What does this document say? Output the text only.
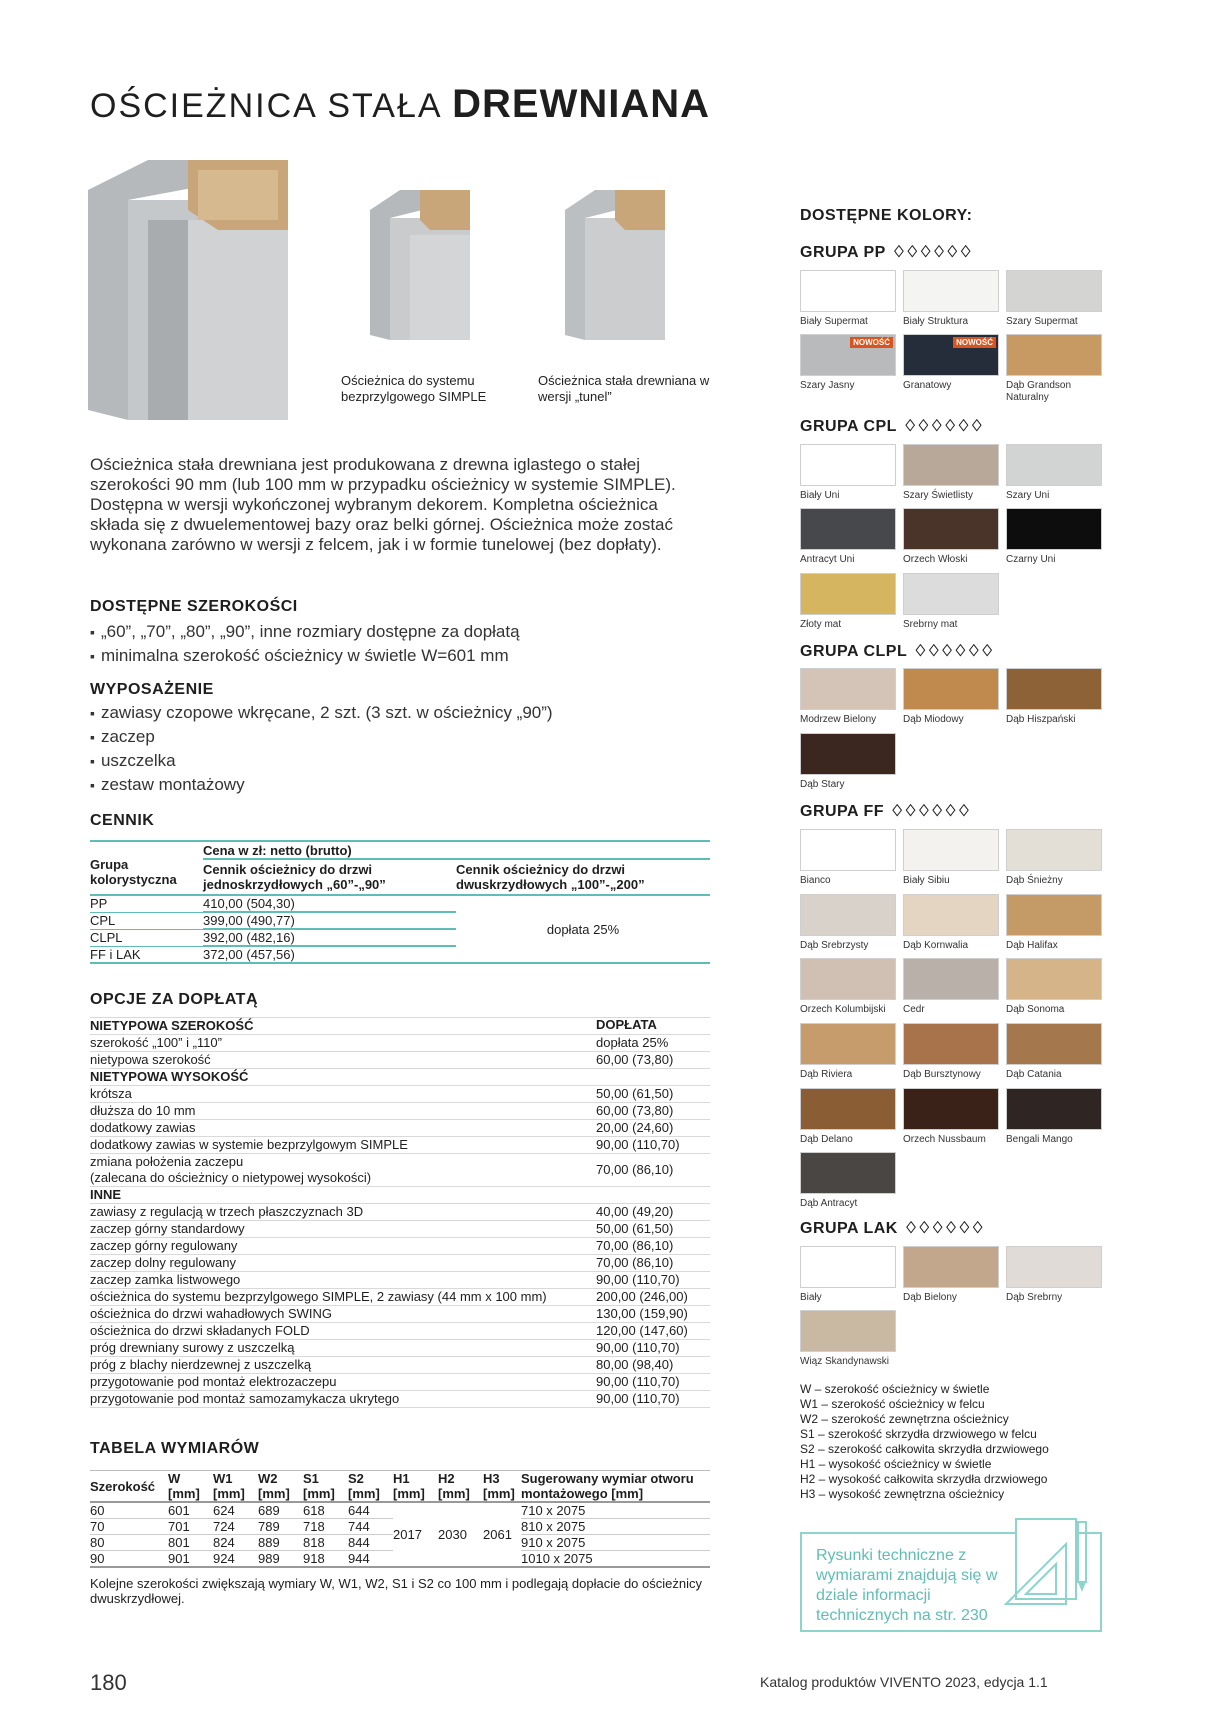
OŚCIEŻNICA STAŁA DREWNIANA
Ościeżnica do systemu bezprzylgowego SIMPLE
Ościeżnica stała drewniana w wersji „tunel”
Ościeżnica stała drewniana jest produkowana z drewna iglastego o stałej szerokości 90 mm (lub 100 mm w przypadku ościeżnicy w systemie SIMPLE). Dostępna w wersji wykończonej wybranym dekorem. Kompletna ościeżnica składa się z dwuelementowej bazy oraz belki górnej. Ościeżnica może zostać wykonana zarówno w wersji z felcem, jak i w formie tunelowej (bez dopłaty).
DOSTĘPNE SZEROKOŚCI
▪ „60”, „70”, „80”, „90”, inne rozmiary dostępne za dopłatą
▪ minimalna szerokość ościeżnicy w świetle W=601 mm
WYPOSAŻENIE
▪ zawiasy czopowe wkręcane, 2 szt. (3 szt. w ościeżnicy „90”)
▪ zaczep
▪ uszczelka
▪ zestaw montażowy
CENNIK
Grupa kolorystyczna	Cena w zł: netto (brutto)	
	Cennik ościeżnicy do drzwi jednoskrzydłowych „60”-„90”	Cennik ościeżnicy do drzwi dwuskrzydłowych „100”-„200”
PP	410,00 (504,30)	dopłata 25%
CPL	399,00 (490,77)	
CLPL	392,00 (482,16)	
FF i LAK	372,00 (457,56)	
OPCJE ZA DOPŁATĄ
DOPŁATA
NIETYPOWA SZEROKOŚĆ	
szerokość „100” i „110”	dopłata 25%
nietypowa szerokość	60,00 (73,80)
NIETYPOWA WYSOKOŚĆ	
krótsza	50,00 (61,50)
dłuższa do 10 mm	60,00 (73,80)
dodatkowy zawias	20,00 (24,60)
dodatkowy zawias w systemie bezprzylgowym SIMPLE	90,00 (110,70)

zmiana położenia zaczepu
(zalecana do ościeżnicy o nietypowej wysokości)	70,00 (86,10)
INNE	
zawiasy z regulacją w trzech płaszczyznach 3D	40,00 (49,20)
zaczep górny standardowy	50,00 (61,50)
zaczep górny regulowany	70,00 (86,10)
zaczep dolny regulowany	70,00 (86,10)
zaczep zamka listwowego	90,00 (110,70)
ościeżnica do systemu bezprzylgowego SIMPLE, 2 zawiasy (44 mm x 100 mm)	200,00 (246,00)
ościeżnica do drzwi wahadłowych SWING	130,00 (159,90)
ościeżnica do drzwi składanych FOLD	120,00 (147,60)
próg drewniany surowy z uszczelką	90,00 (110,70)
próg z blachy nierdzewnej z uszczelką	80,00 (98,40)
przygotowanie pod montaż elektrozaczepu	90,00 (110,70)
przygotowanie pod montaż samozamykacza ukrytego	90,00 (110,70)
TABELA WYMIARÓW
Szerokość	W [mm]	W1 [mm]	W2 [mm]	S1 [mm]	S2 [mm]	H1 [mm]	H2 [mm]	H3 [mm]	Sugerowany wymiar otworu montażowego [mm]
60	601	624	689	618	644	2017	2030	2061	710 x 2075
70	701	724	789	718	744				810 x 2075
80	801	824	889	818	844				910 x 2075
90	901	924	989	918	944				1010 x 2075
Kolejne szerokości zwiększają wymiary W, W1, W2, S1 i S2 co 100 mm i podlegają dopłacie do ościeżnicy dwuskrzydłowej.
DOSTĘPNE KOLORY:
GRUPA PP ♢♢♢♢♢♢
Biały Supermat	Biały Struktura	Szary Supermat
NOWOŚĆ
Szary Jasny
NOWOŚĆ
Granatowy	Dąb Grandson Naturalny
GRUPA CPL ♢♢♢♢♢♢
Biały Uni	Szary Świetlisty	Szary Uni
Antracyt Uni	Orzech Włoski	Czarny Uni
Złoty mat	Srebrny mat
GRUPA CLPL ♢♢♢♢♢♢
Modrzew Bielony	Dąb Miodowy	Dąb Hiszpański
Dąb Stary
GRUPA FF ♢♢♢♢♢♢
Bianco	Biały Sibiu	Dąb Śnieżny
Dąb Srebrzysty	Dąb Kornwalia	Dąb Halifax
Orzech Kolumbijski	Cedr	Dąb Sonoma
Dąb Riviera	Dąb Bursztynowy	Dąb Catania
Dąb Delano	Orzech Nussbaum	Bengali Mango
Dąb Antracyt
GRUPA LAK ♢♢♢♢♢♢
Biały	Dąb Bielony	Dąb Srebrny
Wiąz Skandynawski
W – szerokość ościeżnicy w świetle
W1 – szerokość ościeżnicy w felcu
W2 – szerokość zewnętrzna ościeżnicy
S1 – szerokość skrzydła drzwiowego w felcu
S2 – szerokość całkowita skrzydła drzwiowego
H1 – wysokość ościeżnicy w świetle
H2 – wysokość całkowita skrzydła drzwiowego
H3 – wysokość zewnętrzna ościeżnicy
Rysunki techniczne z wymiarami znajdują się w dziale informacji technicznych na str. 230
180	Katalog produktów VIVENTO 2023, edycja 1.1
